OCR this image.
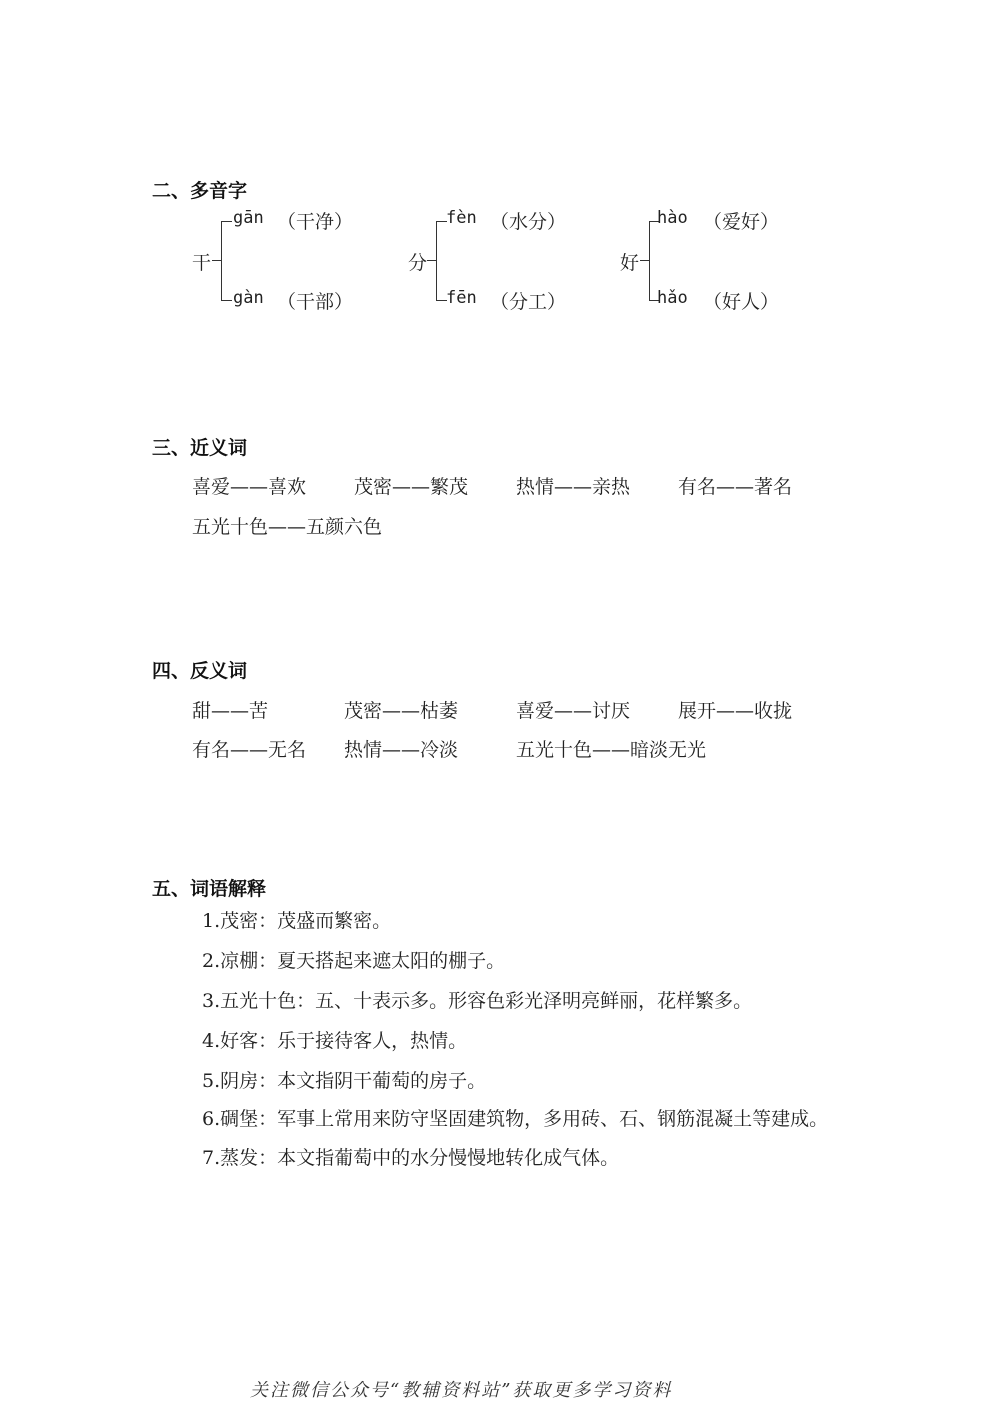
二、多音字
干
gān （干净）
gàn （干部）
分
fèn （水分）
fēn （分工）
好
hào （爱好）
hǎo （好人）
三、近义词
喜爱——喜欢	茂密——繁茂	热情——亲热	有名——著名
五光十色——五颜六色
四、反义词
甜——苦	茂密——枯萎	喜爱——讨厌	展开——收拢
有名——无名 热情——冷淡	五光十色——暗淡无光
五、词语解释
1.茂密：茂盛而繁密。
2.凉棚：夏天搭起来遮太阳的棚子。
3.五光十色：五、十表示多。形容色彩光泽明亮鲜丽，花样繁多。
4.好客：乐于接待客人，热情。
5.阴房：本文指阴干葡萄的房子。
6.碉堡：军事上常用来防守坚固建筑物，多用砖、石、钢筋混凝土等建成。
7.蒸发：本文指葡萄中的水分慢慢地转化成气体。
关注微信公众号“教辅资料站”获取更多学习资料
